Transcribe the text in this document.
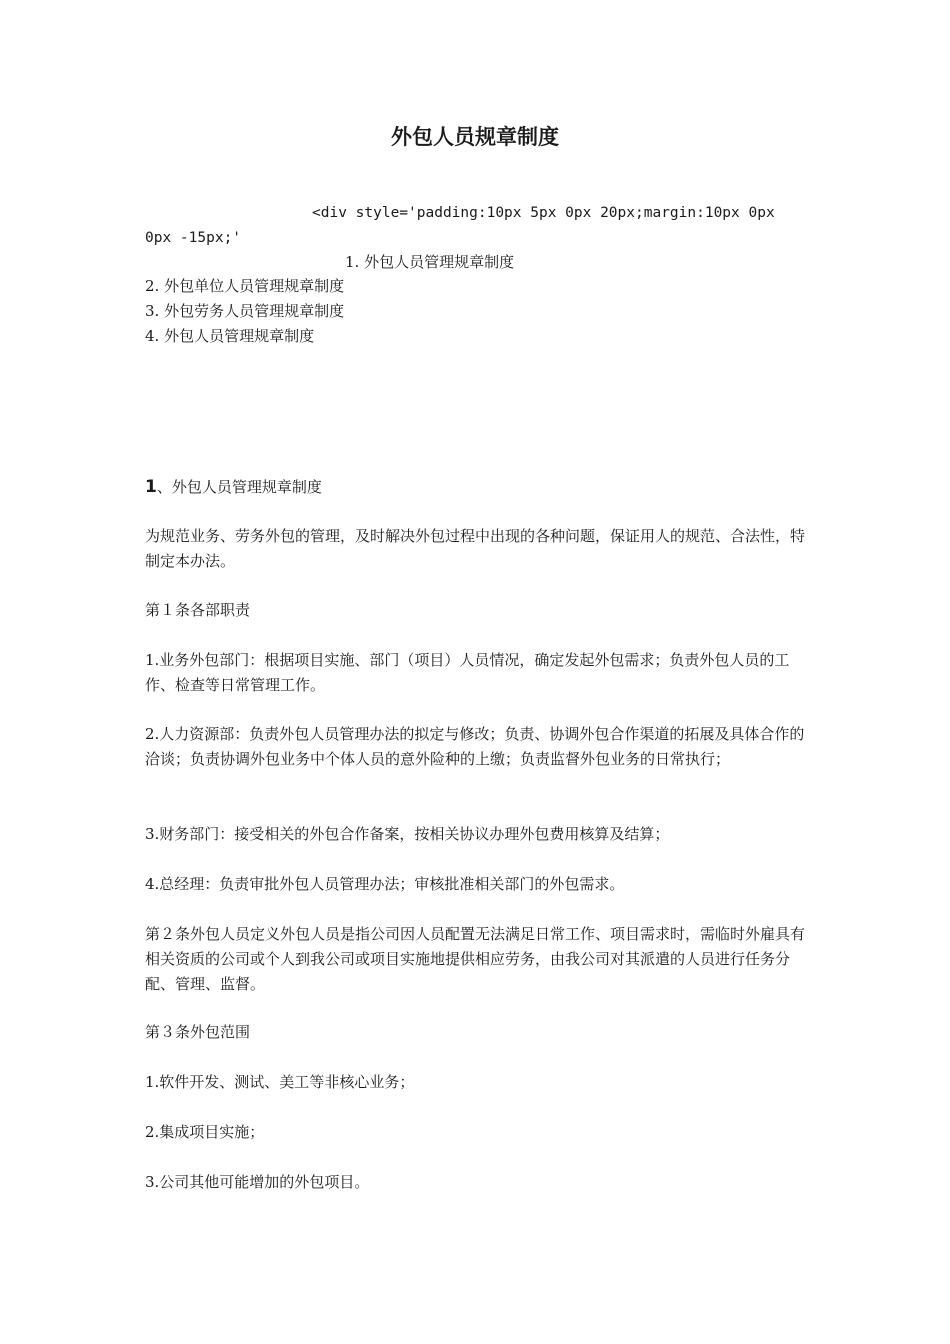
外包人员规章制度
<div style='padding:10px 5px 0px 20px;margin:10px 0px
0px -15px;'
1. 外包人员管理规章制度
2. 外包单位人员管理规章制度
3. 外包劳务人员管理规章制度
4. 外包人员管理规章制度
1、外包人员管理规章制度
为规范业务、劳务外包的管理，及时解决外包过程中出现的各种问题，保证用人的规范、合法性，特制定本办法。
第１条各部职责
1.业务外包部门：根据项目实施、部门（项目）人员情况，确定发起外包需求；负责外包人员的工作、检查等日常管理工作。
2.人力资源部：负责外包人员管理办法的拟定与修改；负责、协调外包合作渠道的拓展及具体合作的洽谈；负责协调外包业务中个体人员的意外险种的上缴；负责监督外包业务的日常执行；
3.财务部门：接受相关的外包合作备案，按相关协议办理外包费用核算及结算；
4.总经理：负责审批外包人员管理办法；审核批准相关部门的外包需求。
第２条外包人员定义外包人员是指公司因人员配置无法满足日常工作、项目需求时，需临时外雇具有相关资质的公司或个人到我公司或项目实施地提供相应劳务，由我公司对其派遣的人员进行任务分配、管理、监督。
第３条外包范围
1.软件开发、测试、美工等非核心业务；
2.集成项目实施；
3.公司其他可能增加的外包项目。
